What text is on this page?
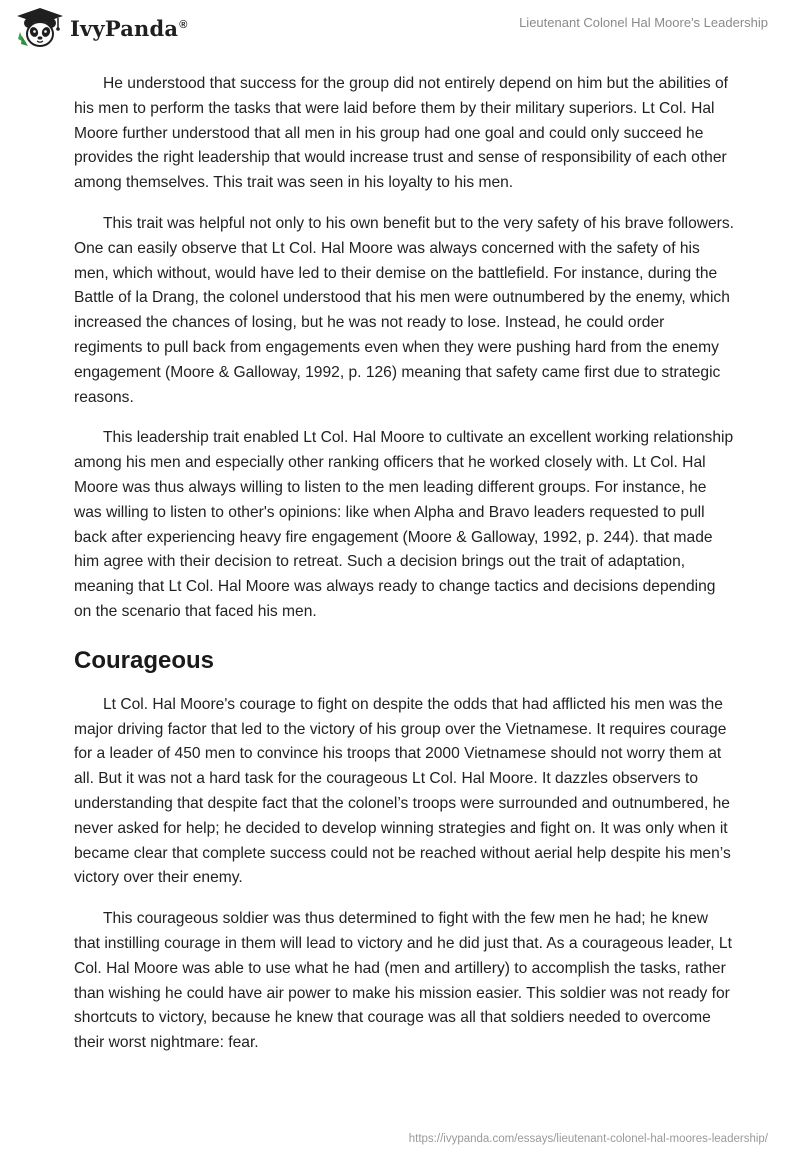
IvyPanda®	Lieutenant Colonel Hal Moore's Leadership

He understood that success for the group did not entirely depend on him but the abilities of his men to perform the tasks that were laid before them by their military superiors. Lt Col. Hal Moore further understood that all men in his group had one goal and could only succeed he provides the right leadership that would increase trust and sense of responsibility of each other among themselves. This trait was seen in his loyalty to his men.

This trait was helpful not only to his own benefit but to the very safety of his brave followers. One can easily observe that Lt Col. Hal Moore was always concerned with the safety of his men, which without, would have led to their demise on the battlefield. For instance, during the Battle of la Drang, the colonel understood that his men were outnumbered by the enemy, which increased the chances of losing, but he was not ready to lose. Instead, he could order regiments to pull back from engagements even when they were pushing hard from the enemy engagement (Moore & Galloway, 1992, p. 126) meaning that safety came first due to strategic reasons.

This leadership trait enabled Lt Col. Hal Moore to cultivate an excellent working relationship among his men and especially other ranking officers that he worked closely with. Lt Col. Hal Moore was thus always willing to listen to the men leading different groups. For instance, he was willing to listen to other's opinions: like when Alpha and Bravo leaders requested to pull back after experiencing heavy fire engagement (Moore & Galloway, 1992, p. 244). that made him agree with their decision to retreat. Such a decision brings out the trait of adaptation, meaning that Lt Col. Hal Moore was always ready to change tactics and decisions depending on the scenario that faced his men.

Courageous

Lt Col. Hal Moore's courage to fight on despite the odds that had afflicted his men was the major driving factor that led to the victory of his group over the Vietnamese. It requires courage for a leader of 450 men to convince his troops that 2000 Vietnamese should not worry them at all. But it was not a hard task for the courageous Lt Col. Hal Moore. It dazzles observers to understanding that despite fact that the colonel’s troops were surrounded and outnumbered, he never asked for help; he decided to develop winning strategies and fight on. It was only when it became clear that complete success could not be reached without aerial help despite his men’s victory over their enemy.

This courageous soldier was thus determined to fight with the few men he had; he knew that instilling courage in them will lead to victory and he did just that. As a courageous leader, Lt Col. Hal Moore was able to use what he had (men and artillery) to accomplish the tasks, rather than wishing he could have air power to make his mission easier. This soldier was not ready for shortcuts to victory, because he knew that courage was all that soldiers needed to overcome their worst nightmare: fear.

https://ivypanda.com/essays/lieutenant-colonel-hal-moores-leadership/
